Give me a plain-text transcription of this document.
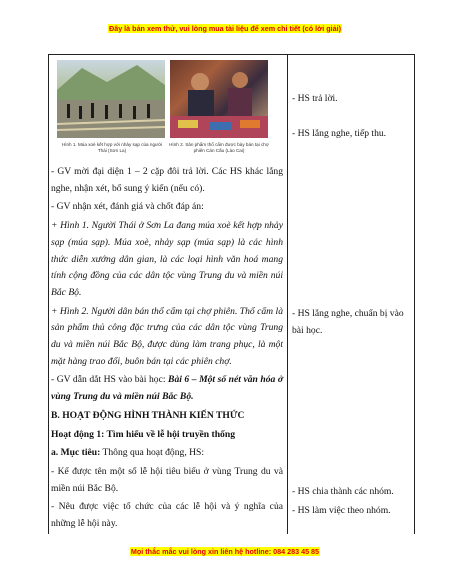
Đây là bản xem thử, vui lòng mua tài liệu để xem chi tiết (có lời giải)
Hình 1. Múa xoè kết hợp với nhảy sạp của người Thái (Sơn La)
Hình 2. Sản phẩm thổ cẩm được bày bán tại chợ phiên Cán Cấu (Lào Cai)

- GV mời đại diện 1 – 2 cặp đôi trả lời. Các HS khác lắng nghe, nhận xét, bổ sung ý kiến (nếu có).

- GV nhận xét, đánh giá và chốt đáp án:

+ Hình 1. Người Thái ở Sơn La đang múa xoè kết hợp nhảy sạp (múa sạp). Múa xoè, nhảy sạp (múa sạp) là các hình thức diễn xướng dân gian, là các loại hình văn hoá mang tính cộng đồng của các dân tộc vùng Trung du và miền núi Bắc Bộ.

+ Hình 2. Người dân bán thổ cẩm tại chợ phiên. Thổ cẩm là sản phẩm thủ công đặc trưng của các dân tộc vùng Trung du và miền núi Bắc Bộ, được dùng làm trang phục, là một mặt hàng trao đổi, buôn bán tại các phiên chợ.

- GV dẫn dắt HS vào bài học: Bài 6 – Một số nét văn hóa ở vùng Trung du và miền núi Bắc Bộ.

B. HOẠT ĐỘNG HÌNH THÀNH KIẾN THỨC

Hoạt động 1: Tìm hiểu về lễ hội truyền thống

a. Mục tiêu: Thông qua hoạt động, HS:

- Kể được tên một số lễ hội tiêu biểu ở vùng Trung du và miền núi Bắc Bộ.

- Nêu được việc tổ chức của các lễ hội và ý nghĩa của những lễ hội này.

- HS trả lời.
- HS lắng nghe, tiếp thu.
- HS lắng nghe, chuẩn bị vào bài học.
- HS chia thành các nhóm.
- HS làm việc theo nhóm.
Mọi thắc mắc vui lòng xin liên hệ hotline: 084 283 45 85
